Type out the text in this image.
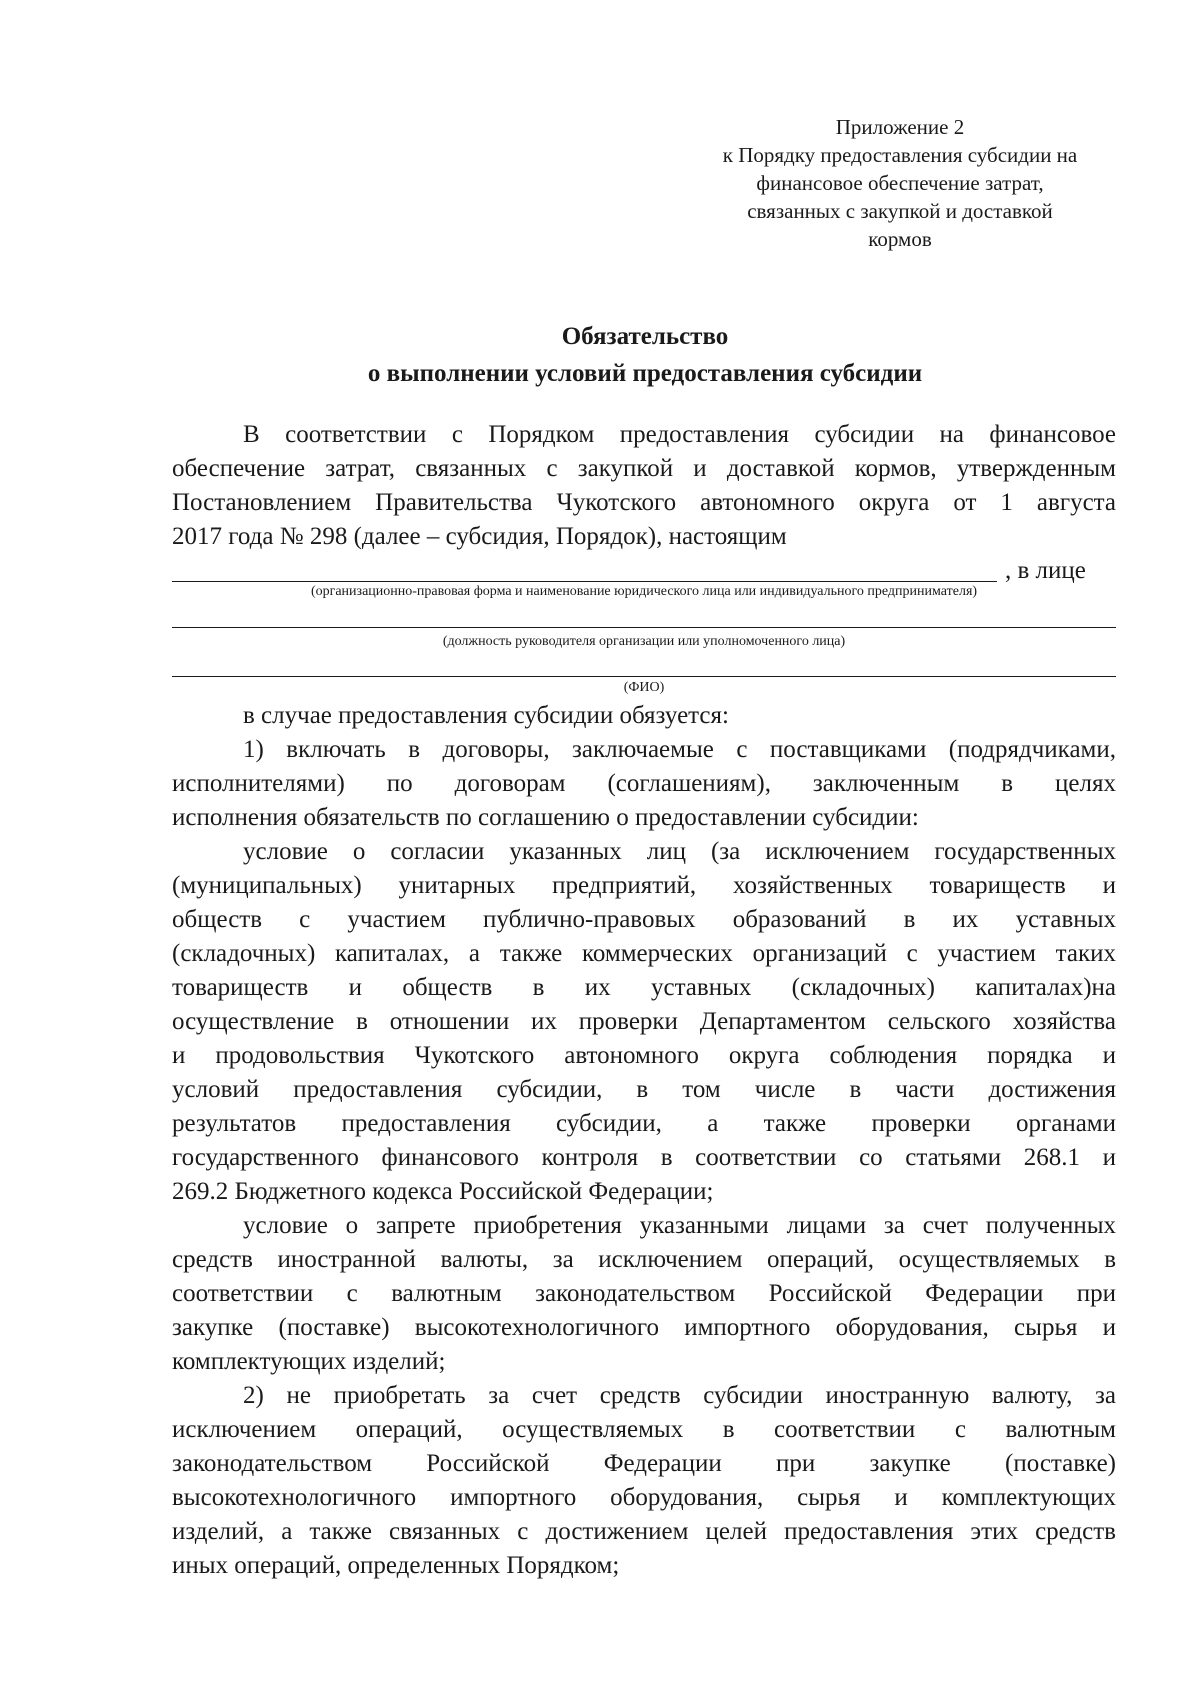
Приложение 2
к Порядку предоставления субсидии на
финансовое обеспечение затрат,
связанных с закупкой и доставкой
кормов
Обязательство
о выполнении условий предоставления субсидии
В соответствии с Порядком предоставления субсидии на финансовое
обеспечение затрат, связанных с закупкой и доставкой кормов, утвержденным
Постановлением Правительства Чукотского автономного округа от 1 августа
2017 года № 298 (далее – субсидия, Порядок), настоящим
, в лице
(организационно-правовая форма и наименование юридического лица или индивидуального предпринимателя)
(должность руководителя организации или уполномоченного лица)
(ФИО)
в случае предоставления субсидии обязуется:
1) включать в договоры, заключаемые с поставщиками (подрядчиками,
исполнителями) по договорам (соглашениям), заключенным в целях
исполнения обязательств по соглашению о предоставлении субсидии:
условие о согласии указанных лиц (за исключением государственных
(муниципальных) унитарных предприятий, хозяйственных товариществ и
обществ с участием публично-правовых образований в их уставных
(складочных) капиталах, а также коммерческих организаций с участием таких
товариществ и обществ в их уставных (складочных) капиталах)на
осуществление в отношении их проверки Департаментом сельского хозяйства
и продовольствия Чукотского автономного округа соблюдения порядка и
условий предоставления субсидии, в том числе в части достижения
результатов предоставления субсидии, а также проверки органами
государственного финансового контроля в соответствии со статьями 268.1 и
269.2 Бюджетного кодекса Российской Федерации;
условие о запрете приобретения указанными лицами за счет полученных
средств иностранной валюты, за исключением операций, осуществляемых в
соответствии с валютным законодательством Российской Федерации при
закупке (поставке) высокотехнологичного импортного оборудования, сырья и
комплектующих изделий;
2) не приобретать за счет средств субсидии иностранную валюту, за
исключением операций, осуществляемых в соответствии с валютным
законодательством Российской Федерации при закупке (поставке)
высокотехнологичного импортного оборудования, сырья и комплектующих
изделий, а также связанных с достижением целей предоставления этих средств
иных операций, определенных Порядком;
